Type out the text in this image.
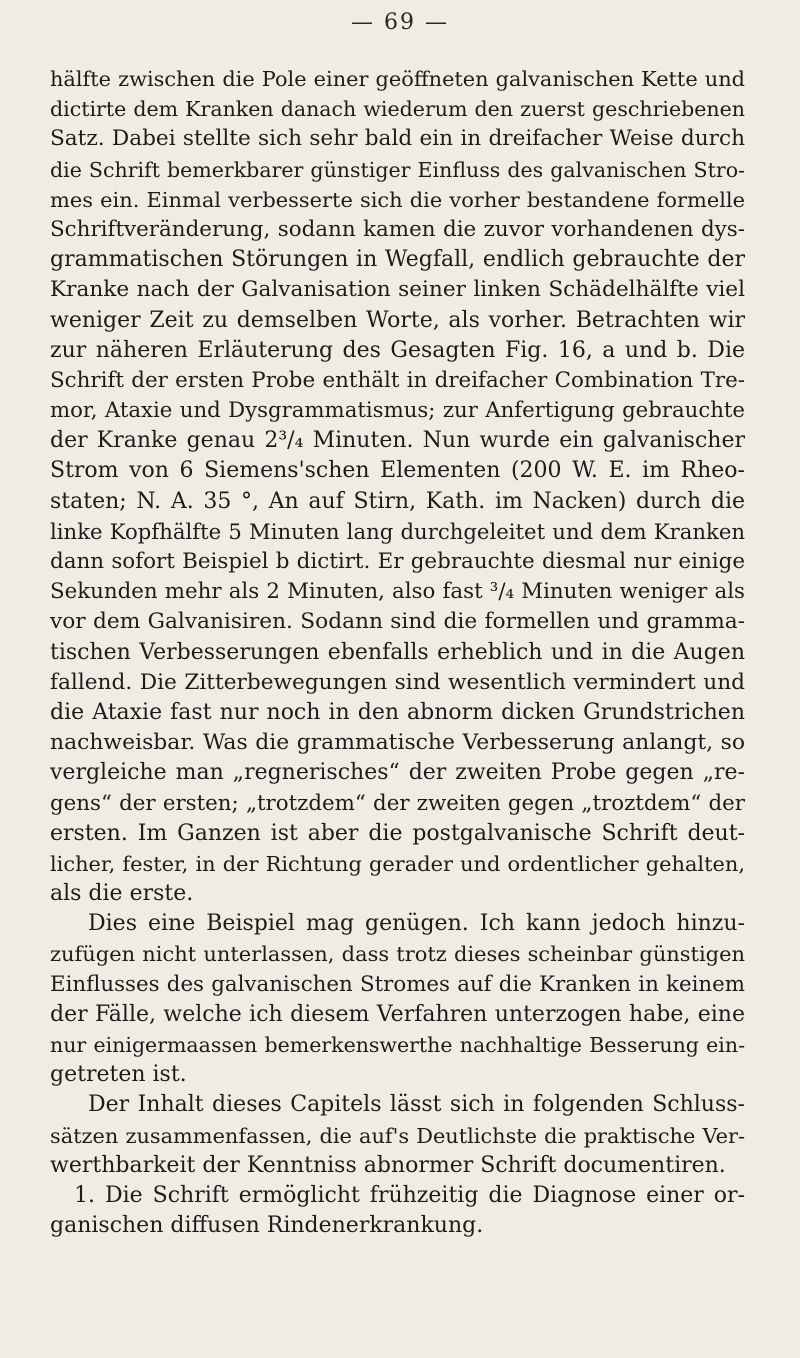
— 69 —
hälfte zwischen die Pole einer geöffneten galvanischen Kette und
dictirte dem Kranken danach wiederum den zuerst geschriebenen
Satz. Dabei stellte sich sehr bald ein in dreifacher Weise durch
die Schrift bemerkbarer günstiger Einfluss des galvanischen Stro-
mes ein. Einmal verbesserte sich die vorher bestandene formelle
Schriftveränderung, sodann kamen die zuvor vorhandenen dys-
grammatischen Störungen in Wegfall, endlich gebrauchte der
Kranke nach der Galvanisation seiner linken Schädelhälfte viel
weniger Zeit zu demselben Worte, als vorher. Betrachten wir
zur näheren Erläuterung des Gesagten Fig. 16, a und b. Die
Schrift der ersten Probe enthält in dreifacher Combination Tre-
mor, Ataxie und Dysgrammatismus; zur Anfertigung gebrauchte
der Kranke genau 2³/₄ Minuten. Nun wurde ein galvanischer
Strom von 6 Siemens'schen Elementen (200 W. E. im Rheo-
staten; N. A. 35 °, An auf Stirn, Kath. im Nacken) durch die
linke Kopfhälfte 5 Minuten lang durchgeleitet und dem Kranken
dann sofort Beispiel b dictirt. Er gebrauchte diesmal nur einige
Sekunden mehr als 2 Minuten, also fast ³/₄ Minuten weniger als
vor dem Galvanisiren. Sodann sind die formellen und gramma-
tischen Verbesserungen ebenfalls erheblich und in die Augen
fallend. Die Zitterbewegungen sind wesentlich vermindert und
die Ataxie fast nur noch in den abnorm dicken Grundstrichen
nachweisbar. Was die grammatische Verbesserung anlangt, so
vergleiche man „regnerisches“ der zweiten Probe gegen „re-
gens“ der ersten; „trotzdem“ der zweiten gegen „troztdem“ der
ersten. Im Ganzen ist aber die postgalvanische Schrift deut-
licher, fester, in der Richtung gerader und ordentlicher gehalten,
als die erste.
Dies eine Beispiel mag genügen. Ich kann jedoch hinzu-
zufügen nicht unterlassen, dass trotz dieses scheinbar günstigen
Einflusses des galvanischen Stromes auf die Kranken in keinem
der Fälle, welche ich diesem Verfahren unterzogen habe, eine
nur einigermaassen bemerkenswerthe nachhaltige Besserung ein-
getreten ist.
Der Inhalt dieses Capitels lässt sich in folgenden Schluss-
sätzen zusammenfassen, die auf's Deutlichste die praktische Ver-
werthbarkeit der Kenntniss abnormer Schrift documentiren.
1. Die Schrift ermöglicht frühzeitig die Diagnose einer or-
ganischen diffusen Rindenerkrankung.
